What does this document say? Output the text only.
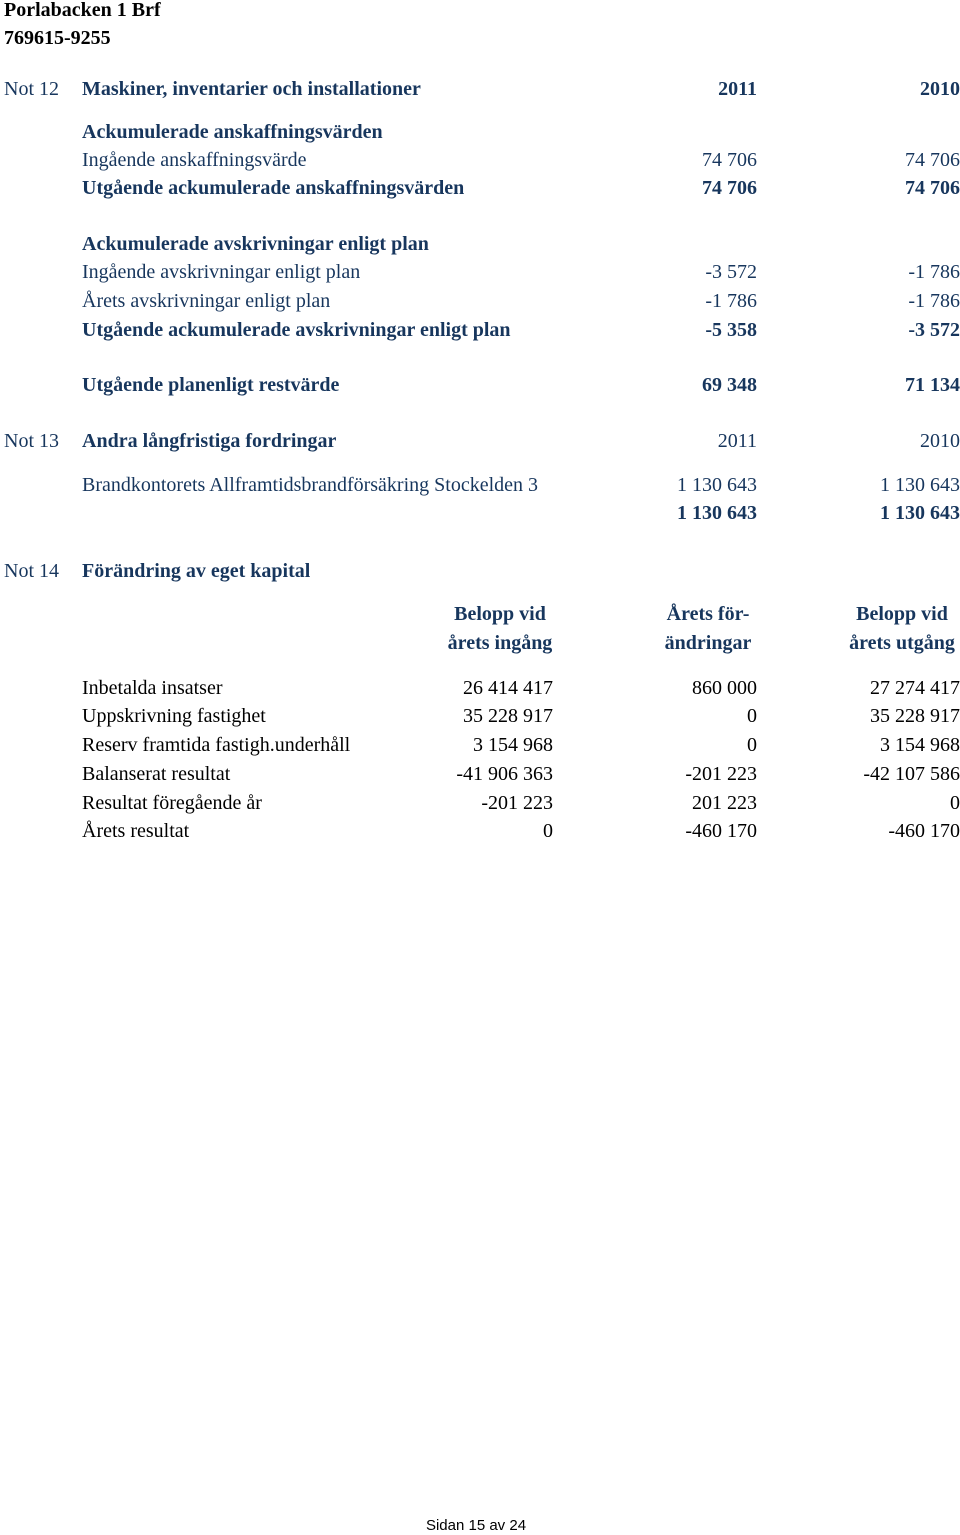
Porlabacken 1 Brf
769615-9255
Not 12 Maskiner, inventarier och installationer	2011	2010
Ackumulerade anskaffningsvärden
Ingående anskaffningsvärde	74 706	74 706
Utgående ackumulerade anskaffningsvärden	74 706	74 706
Ackumulerade avskrivningar enligt plan
Ingående avskrivningar enligt plan	-3 572	-1 786
Årets avskrivningar enligt plan	-1 786	-1 786
Utgående ackumulerade avskrivningar enligt plan	-5 358	-3 572
Utgående planenligt restvärde	69 348	71 134
Not 13 Andra långfristiga fordringar	2011	2010
Brandkontorets Allframtidsbrandförsäkring Stockelden 3	1 130 643	1 130 643
1 130 643	1 130 643
Not 14 Förändring av eget kapital
Belopp vid
årets ingång
Årets för-
ändringar
Belopp vid
årets utgång
Inbetalda insatser	26 414 417	860 000	27 274 417
Uppskrivning fastighet	35 228 917	0	35 228 917
Reserv framtida fastigh.underhåll	3 154 968	0	3 154 968
Balanserat resultat	-41 906 363	-201 223	-42 107 586
Resultat föregående år	-201 223	201 223	0
Årets resultat	0	-460 170	-460 170
Sidan 15 av 24
